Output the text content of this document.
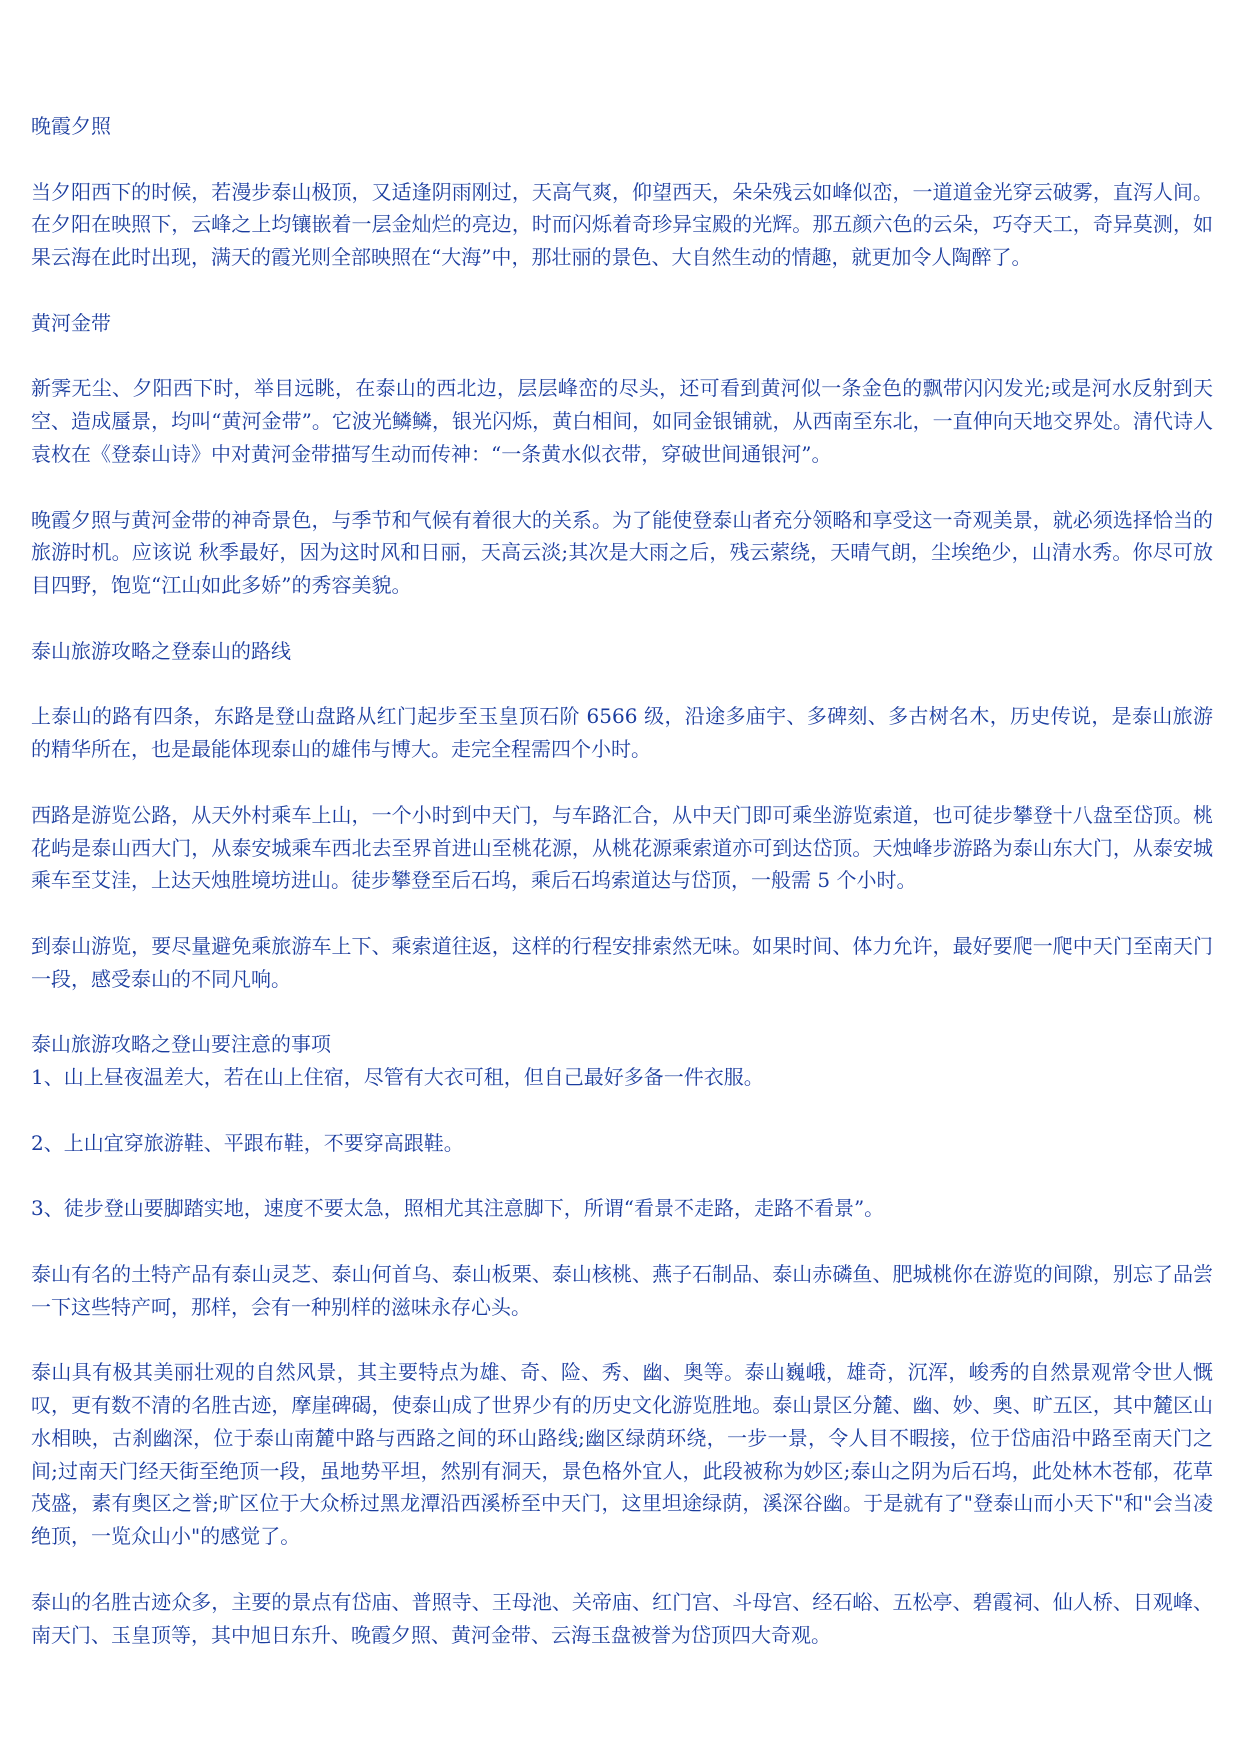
晚霞夕照

当夕阳西下的时候，若漫步泰山极顶，又适逢阴雨刚过，天高气爽，仰望西天，朵朵残云如峰似峦，一道道金光穿云破雾，直泻人间。在夕阳在映照下，云峰之上均镶嵌着一层金灿烂的亮边，时而闪烁着奇珍异宝殿的光辉。那五颜六色的云朵，巧夺天工，奇异莫测，如果云海在此时出现，满天的霞光则全部映照在“大海”中，那壮丽的景色、大自然生动的情趣，就更加令人陶醉了。

黄河金带

新霁无尘、夕阳西下时，举目远眺，在泰山的西北边，层层峰峦的尽头，还可看到黄河似一条金色的飘带闪闪发光;或是河水反射到天空、造成蜃景，均叫“黄河金带”。它波光鳞鳞，银光闪烁，黄白相间，如同金银铺就，从西南至东北，一直伸向天地交界处。清代诗人袁枚在《登泰山诗》中对黄河金带描写生动而传神：“一条黄水似衣带，穿破世间通银河”。

晚霞夕照与黄河金带的神奇景色，与季节和气候有着很大的关系。为了能使登泰山者充分领略和享受这一奇观美景，就必须选择恰当的旅游时机。应该说 秋季最好，因为这时风和日丽，天高云淡;其次是大雨之后，残云萦绕，天晴气朗，尘埃绝少，山清水秀。你尽可放目四野，饱览“江山如此多娇”的秀容美貌。

泰山旅游攻略之登泰山的路线

上泰山的路有四条，东路是登山盘路从红门起步至玉皇顶石阶 6566 级，沿途多庙宇、多碑刻、多古树名木，历史传说，是泰山旅游的精华所在，也是最能体现泰山的雄伟与博大。走完全程需四个小时。

西路是游览公路，从天外村乘车上山，一个小时到中天门，与车路汇合，从中天门即可乘坐游览索道，也可徒步攀登十八盘至岱顶。桃花屿是泰山西大门，从泰安城乘车西北去至界首进山至桃花源，从桃花源乘索道亦可到达岱顶。天烛峰步游路为泰山东大门，从泰安城乘车至艾洼，上达天烛胜境坊进山。徒步攀登至后石坞，乘后石坞索道达与岱顶，一般需 5 个小时。

到泰山游览，要尽量避免乘旅游车上下、乘索道往返，这样的行程安排索然无味。如果时间、体力允许，最好要爬一爬中天门至南天门一段，感受泰山的不同凡响。

泰山旅游攻略之登山要注意的事项

1、山上昼夜温差大，若在山上住宿，尽管有大衣可租，但自己最好多备一件衣服。

2、上山宜穿旅游鞋、平跟布鞋，不要穿高跟鞋。

3、徒步登山要脚踏实地，速度不要太急，照相尤其注意脚下，所谓“看景不走路，走路不看景”。

泰山有名的土特产品有泰山灵芝、泰山何首乌、泰山板栗、泰山核桃、燕子石制品、泰山赤磷鱼、肥城桃你在游览的间隙，别忘了品尝一下这些特产呵，那样，会有一种别样的滋味永存心头。

泰山具有极其美丽壮观的自然风景，其主要特点为雄、奇、险、秀、幽、奥等。泰山巍峨，雄奇，沉浑，峻秀的自然景观常令世人慨叹，更有数不清的名胜古迹，摩崖碑碣，使泰山成了世界少有的历史文化游览胜地。泰山景区分麓、幽、妙、奥、旷五区，其中麓区山水相映，古刹幽深，位于泰山南麓中路与西路之间的环山路线;幽区绿荫环绕，一步一景，令人目不暇接，位于岱庙沿中路至南天门之间;过南天门经天街至绝顶一段，虽地势平坦，然别有洞天，景色格外宜人，此段被称为妙区;泰山之阴为后石坞，此处林木苍郁，花草茂盛，素有奥区之誉;旷区位于大众桥过黑龙潭沿西溪桥至中天门，这里坦途绿荫，溪深谷幽。于是就有了"登泰山而小天下"和"会当凌绝顶，一览众山小"的感觉了。

泰山的名胜古迹众多，主要的景点有岱庙、普照寺、王母池、关帝庙、红门宫、斗母宫、经石峪、五松亭、碧霞祠、仙人桥、日观峰、南天门、玉皇顶等，其中旭日东升、晚霞夕照、黄河金带、云海玉盘被誉为岱顶四大奇观。
